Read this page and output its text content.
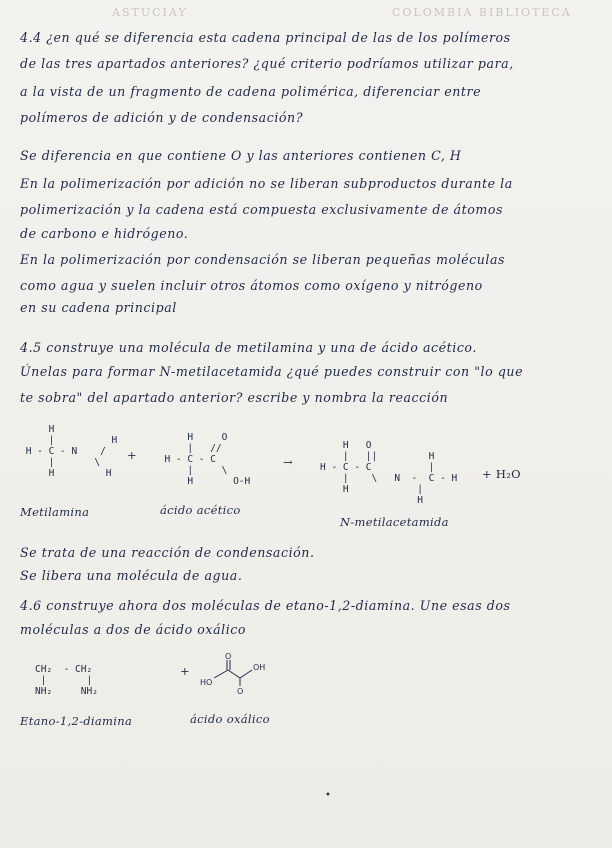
ASTUCIAY	COLOMBIA BIBLIOTECA
4.4 ¿en qué se diferencia esta cadena principal de las de los polímeros
de las tres apartados anteriores? ¿qué criterio podríamos utilizar para,
a la vista de un fragmento de cadena polimérica, diferenciar entre
polímeros de adición y de condensación?
Se diferencia en que contiene O y las anteriores contienen C, H
En la polimerización por adición no se liberan subproductos durante la
polimerización y la cadena está compuesta exclusivamente de átomos
de carbono e hidrógeno.
En la polimerización por condensación se liberan pequeñas moléculas
como agua y suelen incluir otros átomos como oxígeno y nitrógeno
en su cadena principal
4.5 construye una molécula de metilamina y una de ácido acético.
Únelas para formar N-metilacetamida ¿qué puedes construir con "lo que
te sobra" del apartado anterior? escribe y nombra la reacción
H
|          H
H - C - N    /
|       \
H         H
+
H     O
|   //
H - C - C
|     \
H       O-H
→
H   O
|   ||         H
H - C - C          |
|    \   N  -  C - H
H            |
H
+ H₂O
Metilamina	ácido acético
N-metilacetamida
Se trata de una reacción de condensación.
Se libera una molécula de agua.
4.6 construye ahora dos moléculas de etano-1,2-diamina. Une esas dos
moléculas a dos de ácido oxálico
CH₂  - CH₂
|       |
NH₂     NH₂
+
O
OH
HO
O
Etano-1,2-diamina	ácido oxálico
•
